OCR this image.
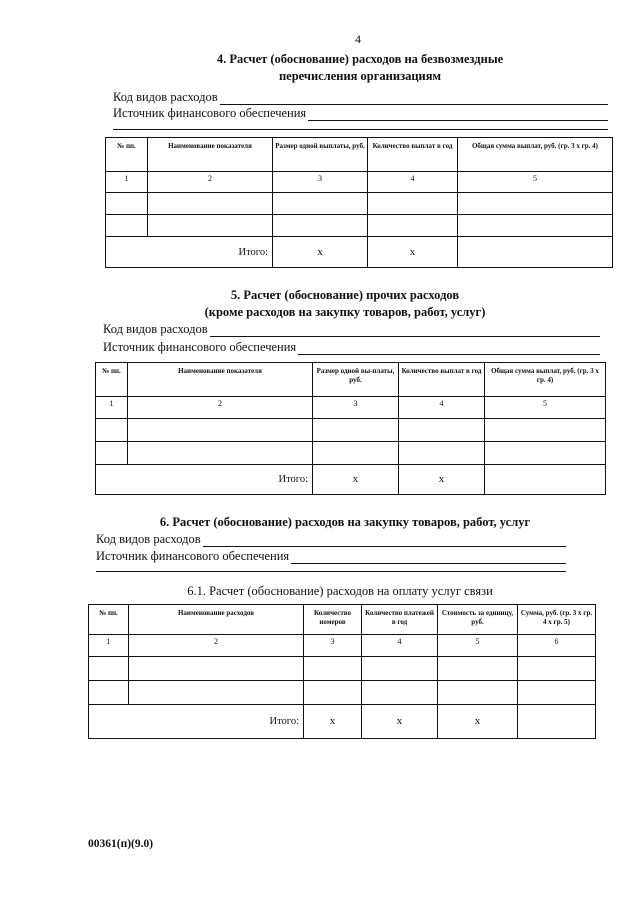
4
4. Расчет (обоснование) расходов на безвозмездные
перечисления организациям
Код видов расходов
Источник финансового обеспечения
№ пп.	Наименование показателя	Размер одной выплаты, руб.	Количество выплат в год	Общая сумма выплат, руб. (гр. 3 х гр. 4)
1	2	3	4	5

Итого:		х	х	
5. Расчет (обоснование) прочих расходов
(кроме расходов на закупку товаров, работ, услуг)
Код видов расходов
Источник финансового обеспечения
№ пп.	Наименование показателя	Размер одной вы-платы, руб.	Количество выплат в год	Общая сумма выплат, руб. (гр. 3 х гр. 4)
1	2	3	4	5

Итого:		х	х	
6. Расчет (обоснование) расходов на закупку товаров, работ, услуг
Код видов расходов
Источник финансового обеспечения
6.1. Расчет (обоснование) расходов на оплату услуг связи
№ пп.	Наименование расходов	Количество номеров	Количество платежей в год	Стоимость за единицу, руб.	Сумма, руб. (гр. 3 х гр. 4 х гр. 5)
1	2	3	4	5	6

Итого:		х	х	х	
00361(п)(9.0)
